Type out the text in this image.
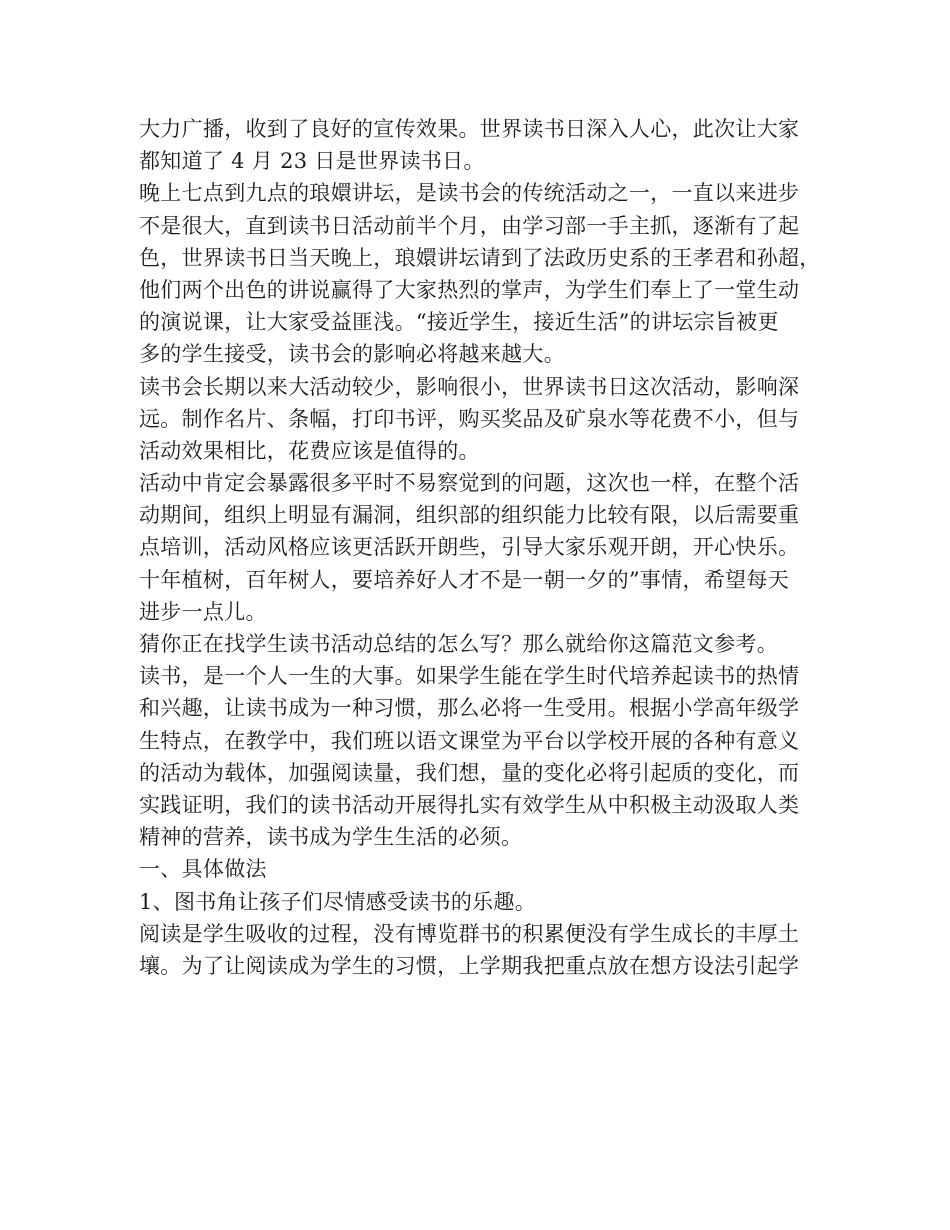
大力广播，收到了良好的宣传效果。世界读书日深入人心，此次让大家
都知道了 4 月 23 日是世界读书日。
晚上七点到九点的琅嬛讲坛，是读书会的传统活动之一，一直以来进步
不是很大，直到读书日活动前半个月，由学习部一手主抓，逐渐有了起
色，世界读书日当天晚上，琅嬛讲坛请到了法政历史系的王孝君和孙超，
他们两个出色的讲说赢得了大家热烈的掌声，为学生们奉上了一堂生动
的演说课，让大家受益匪浅。“接近学生，接近生活”的讲坛宗旨被更
多的学生接受，读书会的影响必将越来越大。
读书会长期以来大活动较少，影响很小，世界读书日这次活动，影响深
远。制作名片、条幅，打印书评，购买奖品及矿泉水等花费不小，但与
活动效果相比，花费应该是值得的。
活动中肯定会暴露很多平时不易察觉到的问题，这次也一样，在整个活
动期间，组织上明显有漏洞，组织部的组织能力比较有限，以后需要重
点培训，活动风格应该更活跃开朗些，引导大家乐观开朗，开心快乐。
十年植树，百年树人，要培养好人才不是一朝一夕的”事情，希望每天
进步一点儿。
猜你正在找学生读书活动总结的怎么写？那么就给你这篇范文参考。
读书，是一个人一生的大事。如果学生能在学生时代培养起读书的热情
和兴趣，让读书成为一种习惯，那么必将一生受用。根据小学高年级学
生特点，在教学中，我们班以语文课堂为平台以学校开展的各种有意义
的活动为载体，加强阅读量，我们想，量的变化必将引起质的变化，而
实践证明，我们的读书活动开展得扎实有效学生从中积极主动汲取人类
精神的营养，读书成为学生生活的必须。
一、具体做法
1、图书角让孩子们尽情感受读书的乐趣。
阅读是学生吸收的过程，没有博览群书的积累便没有学生成长的丰厚土
壤。为了让阅读成为学生的习惯，上学期我把重点放在想方设法引起学
